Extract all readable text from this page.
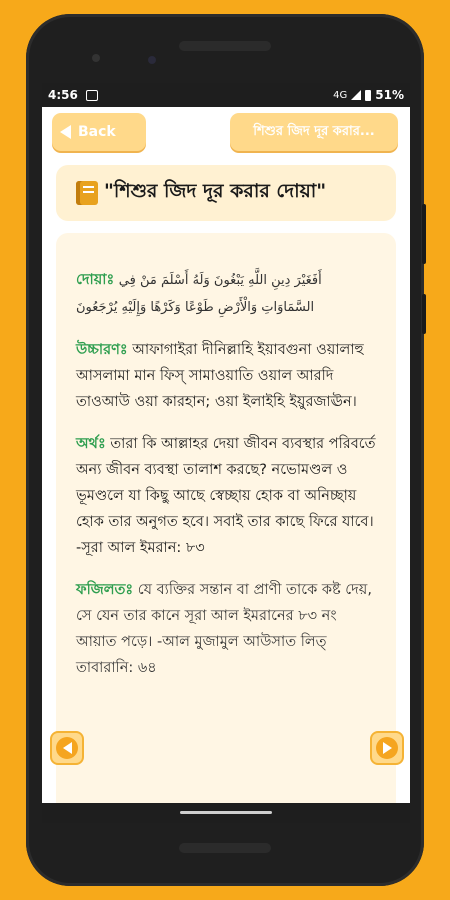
4:56	4G 51%
Back	শিশুর জিদ দূর করার...
"শিশুর জিদ দূর করার দোয়া"

দোয়াঃ أَفَغَيْرَ دِينِ اللَّهِ يَبْغُونَ وَلَهُ أَسْلَمَ مَنْ فِي السَّمَاوَاتِ وَالْأَرْضِ طَوْعًا وَكَرْهًا وَإِلَيْهِ يُرْجَعُونَ

উচ্চারণঃ আফাগাইরা দীনিল্লাহি ইয়াবগুনা ওয়ালাহু আসলামা মান ফিস্ সামাওয়াতি ওয়াল আরদি তাওআউ ওয়া কারহান; ওয়া ইলাইহি ইয়ুরজাঊন।

অর্থঃ তারা কি আল্লাহর দেয়া জীবন ব্যবস্থার পরিবর্তে অন্য জীবন ব্যবস্থা তালাশ করছে? নভোমণ্ডল ও ভূমণ্ডলে যা কিছু আছে স্বেচ্ছায় হোক বা অনিচ্ছায় হোক তার অনুগত হবে। সবাই তার কাছে ফিরে যাবে। -সূরা আল ইমরান: ৮৩

ফজিলতঃ যে ব্যক্তির সন্তান বা প্রাণী তাকে কষ্ট দেয়, সে যেন তার কানে সূরা আল ইমরানের ৮৩ নং আয়াত পড়ে। -আল মুজামুল আউসাত লিত্ তাবারানি: ৬৪
